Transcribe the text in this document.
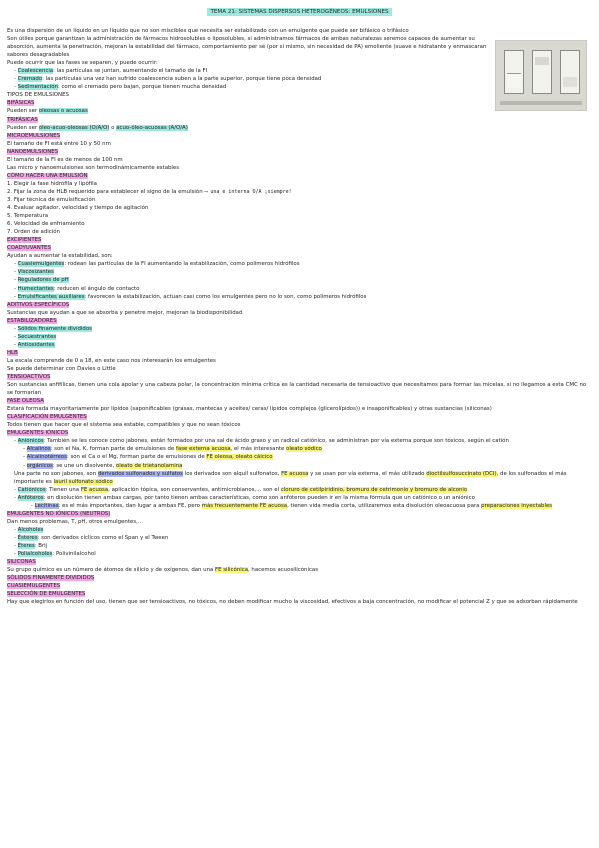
TEMA 21: SISTEMAS DISPERSOS HETEROGÉNEOS: EMULSIONES
Es una dispersión de un líquido en un líquido que no son miscibles que necesita ser estabilizado con un emulgente que puede ser bifásico o trifásico
Son útiles porque garantizan la administración de fármacos hidrosolubles o liposolubles, si administramos fármacos de ambas naturalezas seremos capaces de aumentar su absorción, aumenta la penetración, mejoran la estabilidad del fármaco, comportamiento per sé (por sí mismo, sin necesidad de PA) emoliente (suave e hidratante y enmascaran sabores desagradables
Puede ocurrir que las fases se separen, y puede ocurrir:
- Coalescencia: las partículas se juntan, aumentando el tamaño de la FI
- Cremado: las partículas una vez han sufrido coalescencia suben a la parte superior, porque tiene poca densidad
- Sedimentación: como el cremado pero bajan, porque tienen mucha densidad
TIPOS DE EMULSIONES
BIFÁSICAS
Pueden ser oleosas o acuosas
TRIFÁSICAS
Pueden ser óleo-acuo-oleosas (O/A/O) o acuo-óleo-acuosas (A/O/A)
MICROEMULSIONES
El tamaño de FI está entre 10 y 50 nm
NANOEMULSIONES
El tamaño de la FI es de menos de 100 nm
Las micro y nanoemulsiones son termodinámicamente estables
CÓMO HACER UNA EMULSIÓN
1. Elegir la fase hidrófila y lipófila
2. Fijar la zona de HLB requerido para establecer el signo de la emulsión ⟶ una e interna O/A ¡siempre!
3. Fijar técnica de emulsificación
4. Evaluar agitador, velocidad y tiempo de agitación
5. Temperatura
6. Velocidad de enfriamiento
7. Orden de adición
EXCIPIENTES
COADYUVANTES
Ayudan a aumentar la estabilidad, son:
- Cuasiemulgentes: rodean las partículas de la FI aumentando la estabilización, como polímeros hidrófilos
- Viscosizantes
- Reguladores de pH
- Humectantes: reducen el ángulo de contacto
- Emulsificantes auxiliares: favorecen la estabilización, actuan casi como los emulgentes pero no lo son, como polímeros hidrófilos
ADITIVOS ESPECÍFICOS
Sustancias que ayudan a que se absorba y penetre mejor, mejoran la biodisponibilidad
ESTABILIZADORES
- Sólidos finamente divididos
- Secuestrantes
- Antioxidantes
HLB
La escala comprende de 0 a 18, en este caso nos interesarán los emulgentes
Se puede determinar con Davies o Little
TENSIOACTIVOS
Son sustancias anfifílicas, tienen una cola apolar y una cabeza polar, la concentración mínima crítica es la cantidad necesaria de tensioactivo que necesitamos para formar las micelas, si no llegamos a esta CMC no se formarían
FASE OLEOSA
Estará formada mayoritariamente por lípidos (saponificables (grasas, mantecas y aceites/ ceras/ lípidos complejos (glicerolípidos)) e insaponificables) y otras sustancias (siliconas)
CLASIFICACIÓN EMULGENTES
Todos tienen que hacer que el sistema sea estable, compatibles y que no sean tóxicos
EMULGENTES IÓNICOS
- Aniónicos: También se les conoce como jabones, están formados por una sal de ácido graso y un radical catiónico, se administran por vía externa porque son tóxicos, según el catión
- Alcalinos: son el Na, K, forman parte de emulsiones de fase externa acuosa, el más interesante oleato sódico
- Alcalinotérreos: son el Ca o el Mg, forman parte de emulsiones de FE oleosa, oleato cálcico
- orgánicos: se une un disolvente, oleato de trietanolamina
Una parte no son jabones, son derivados sulfonados y sulfatos los derivados son alquil sulfonatos, FE acuosa y se usan por vía externa, el más utilizado dioctilsulfosuccinato (DCI), de los sulfonados el más importante es lauril sulfonato sódico
- Catiónicos: Tienen una FE acuosa, aplicación tópica, son conservantes, antimicrobianos,... son el cloruro de cetilpiridinio, bromuro de cetrimonio y bromuro de alconio
- Anfóteros: en disolución tienen ambas cargas, por tanto tienen ambas características, como son anfóteros pueden ir en la misma fórmula que un catiónico o un aniónico
- Lecitinas: es el más importantes, dan lugar a ambas FE, pero más frecuentemente FE acuosa, tienen vida media corta, utilizaremos esta disolución oleoacuosa para preparaciones inyectables
EMULGENTES NO IÓNICOS (NEUTROS)
Dan menos problemas, T, pH, otros emulgentes,...
- Alcoholes
- Ésteres: son derivados cíclicos como el Span y el Tween
- Éteres: Brij
- Polialcoholes: Polivinilalcohol
SILICONAS
Su grupo químico es un número de átomos de silicio y de oxígenos, dan una FE silicónica, hacemos acuosilicónicas
SÓLIDOS FINAMENTE DIVIDIDOS
CUASIEMULGENTES
SELECCIÓN DE EMULGENTES
Hay que elegirlos en función del uso, tienen que ser tensioactivos, no tóxicos, no deben modificar mucho la viscosidad, efectivos a baja concentración, no modificar el potencial Z y que se adsorban rápidamente
